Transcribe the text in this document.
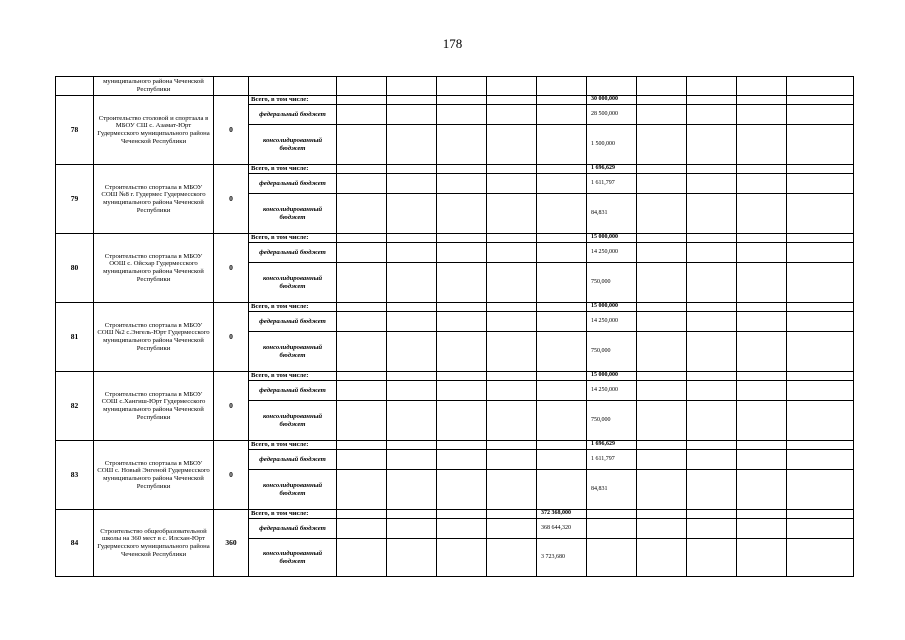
178
	муниципального района Чеченской Республики												
78	Строительство столовой и спортзала в МБОУ СШ с. Азамат-Юрт Гудермесского муниципального района Чеченской Республики	0	Всего, в том числе:						30 000,000				
			федеральный бюджет						28 500,000				
			консолидированный бюджет						1 500,000				
79	Строительство спортзала в МБОУ СОШ №8 г. Гудермес Гудермесского муниципального района Чеченской Республики	0	Всего, в том числе:						1 696,629				
			федеральный бюджет						1 611,797				
			консолидированный бюджет						84,831				
80	Строительство спортзала в МБОУ ООШ с. Ойсхар Гудермесского муниципального района Чеченской Республики	0	Всего, в том числе:						15 000,000				
			федеральный бюджет						14 250,000				
			консолидированный бюджет						750,000				
81	Строительство спортзала в МБОУ СОШ №2 с.Энгель-Юрт Гудермесского муниципального района Чеченской Республики	0	Всего, в том числе:						15 000,000				
			федеральный бюджет						14 250,000				
			консолидированный бюджет						750,000				
82	Строительство спортзала в МБОУ СОШ с.Хангиш-Юрт Гудермесского муниципального района Чеченской Республики	0	Всего, в том числе:						15 000,000				
			федеральный бюджет						14 250,000				
			консолидированный бюджет						750,000				
83	Строительство спортзала в МБОУ СОШ с. Новый Энгеной Гудермесского муниципального района Чеченской Республики	0	Всего, в том числе:						1 696,629				
			федеральный бюджет						1 611,797				
			консолидированный бюджет						84,831				
84	Строительство общеобразовательной школы на 360 мест в с. Илсхан-Юрт Гудермесского муниципального района Чеченской Республики	360	Всего, в том числе:					372 368,000					
			федеральный бюджет					368 644,320					
			консолидированный бюджет					3 723,680					
